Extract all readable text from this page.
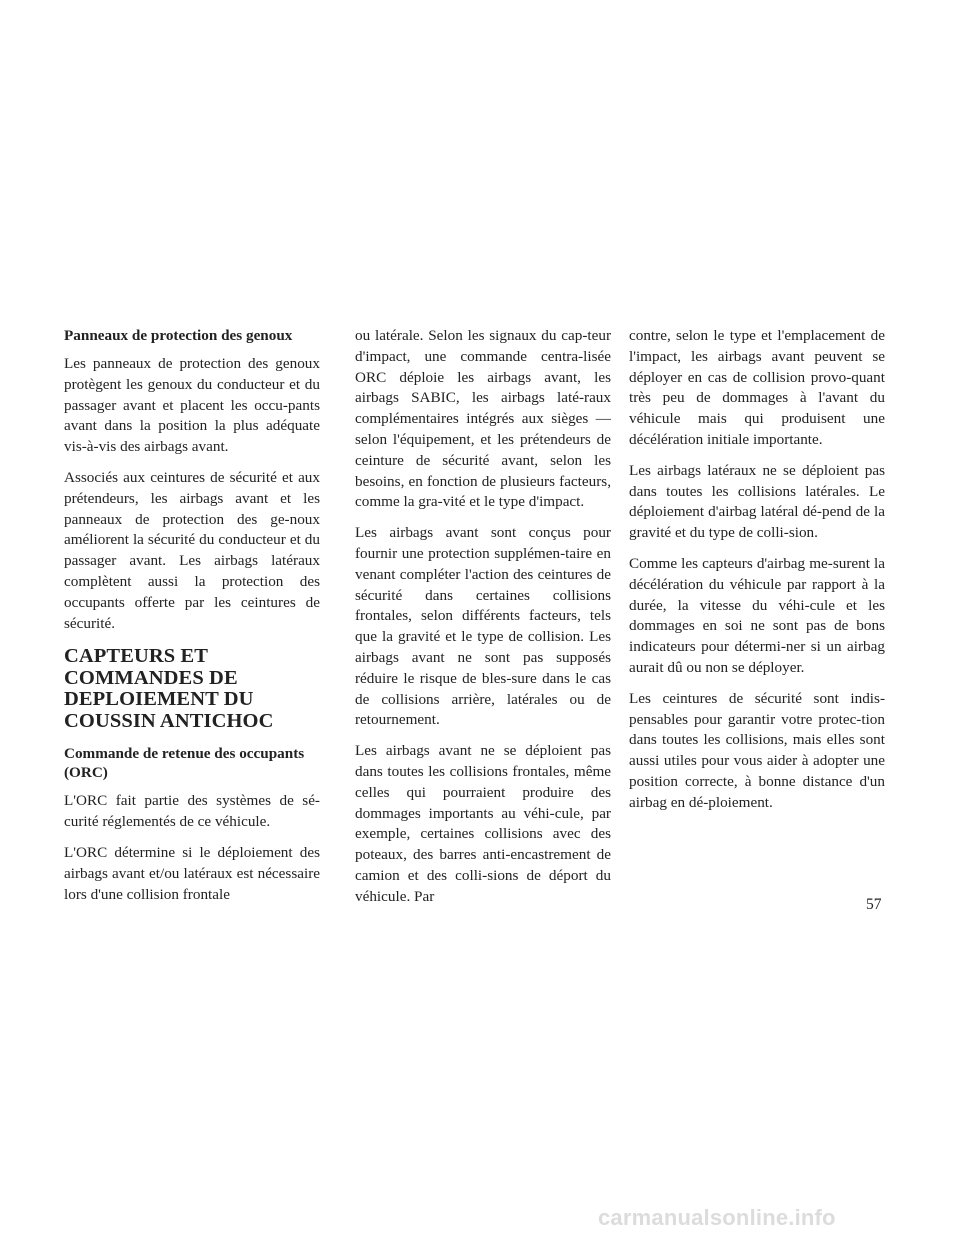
Panneaux de protection des genoux

Les panneaux de protection des genoux protègent les genoux du conducteur et du passager avant et placent les occu-pants avant dans la position la plus adéquate vis-à-vis des airbags avant.

Associés aux ceintures de sécurité et aux prétendeurs, les airbags avant et les panneaux de protection des ge-noux améliorent la sécurité du conducteur et du passager avant. Les airbags latéraux complètent aussi la protection des occupants offerte par les ceintures de sécurité.

CAPTEURS ET COMMANDES DE DEPLOIEMENT DU COUSSIN ANTICHOC
Commande de retenue des occupants (ORC)

L'ORC fait partie des systèmes de sé-curité réglementés de ce véhicule.

L'ORC détermine si le déploiement des airbags avant et/ou latéraux est nécessaire lors d'une collision frontale

ou latérale. Selon les signaux du cap-teur d'impact, une commande centra-lisée ORC déploie les airbags avant, les airbags SABIC, les airbags laté-raux complémentaires intégrés aux sièges — selon l'équipement, et les prétendeurs de ceinture de sécurité avant, selon les besoins, en fonction de plusieurs facteurs, comme la gra-vité et le type d'impact.

Les airbags avant sont conçus pour fournir une protection supplémen-taire en venant compléter l'action des ceintures de sécurité dans certaines collisions frontales, selon différents facteurs, tels que la gravité et le type de collision. Les airbags avant ne sont pas supposés réduire le risque de bles-sure dans le cas de collisions arrière, latérales ou de retournement.

Les airbags avant ne se déploient pas dans toutes les collisions frontales, même celles qui pourraient produire des dommages importants au véhi-cule, par exemple, certaines collisions avec des poteaux, des barres anti-encastrement de camion et des colli-sions de déport du véhicule. Par

contre, selon le type et l'emplacement de l'impact, les airbags avant peuvent se déployer en cas de collision provo-quant très peu de dommages à l'avant du véhicule mais qui produisent une décélération initiale importante.

Les airbags latéraux ne se déploient pas dans toutes les collisions latérales. Le déploiement d'airbag latéral dé-pend de la gravité et du type de colli-sion.

Comme les capteurs d'airbag me-surent la décélération du véhicule par rapport à la durée, la vitesse du véhi-cule et les dommages en soi ne sont pas de bons indicateurs pour détermi-ner si un airbag aurait dû ou non se déployer.

Les ceintures de sécurité sont indis-pensables pour garantir votre protec-tion dans toutes les collisions, mais elles sont aussi utiles pour vous aider à adopter une position correcte, à bonne distance d'un airbag en dé-ploiement.

57
carmanualsonline.info
